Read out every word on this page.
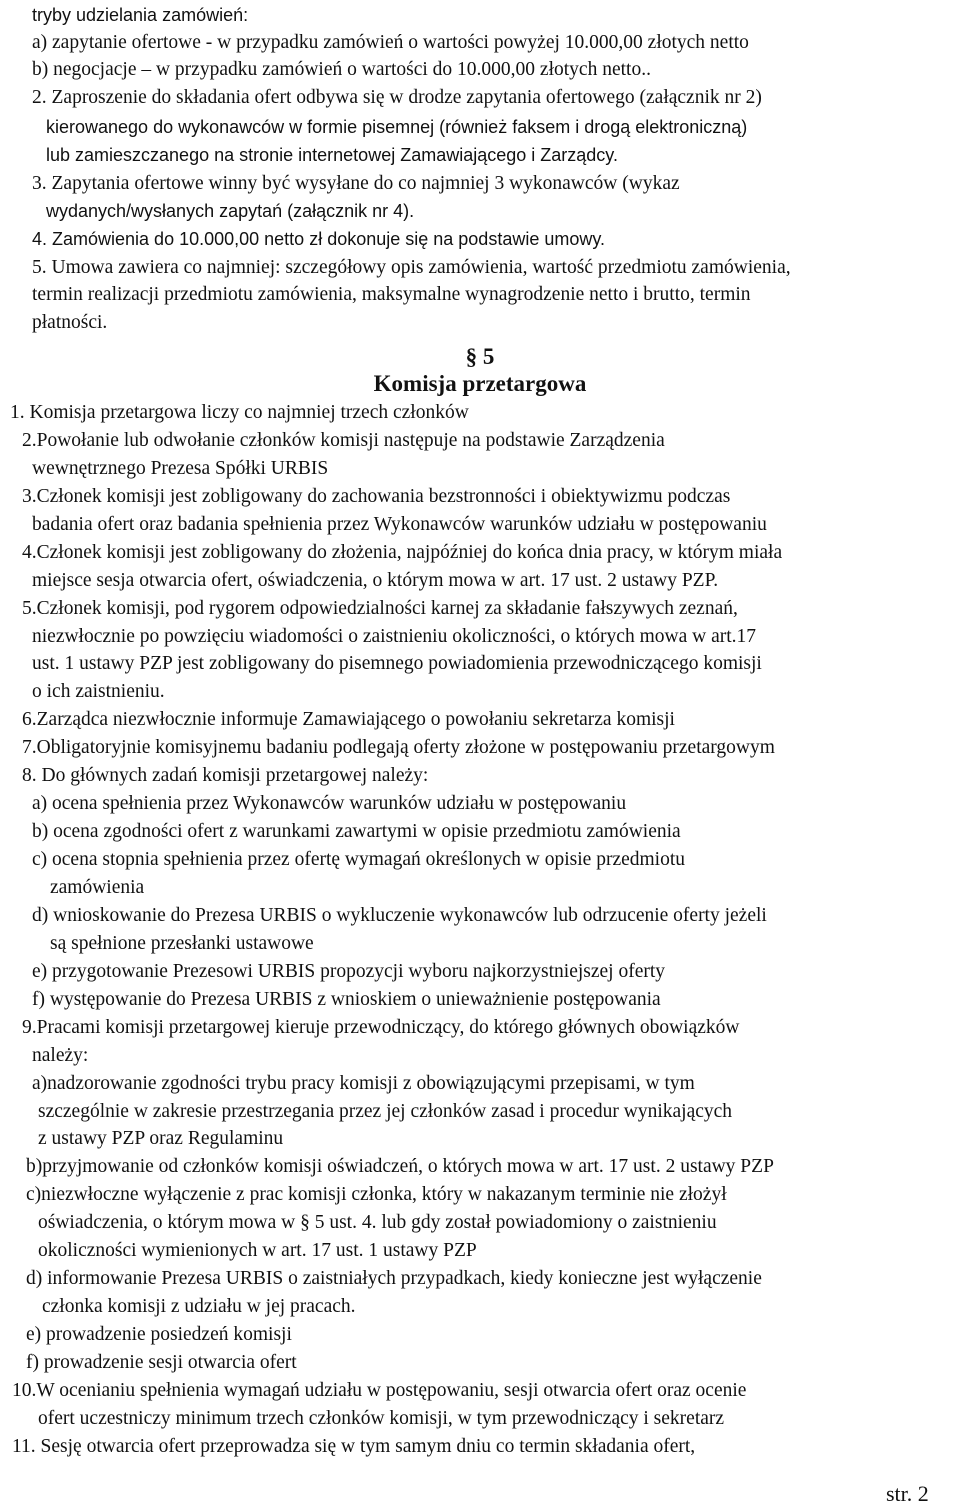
tryby udzielania zamówień:
a) zapytanie ofertowe - w przypadku zamówień o wartości powyżej 10.000,00 złotych netto
b) negocjacje – w przypadku zamówień o wartości do 10.000,00 złotych netto..
2. Zaproszenie do składania ofert odbywa się w drodze zapytania ofertowego (załącznik nr 2)
kierowanego do wykonawców w formie pisemnej (również faksem i drogą elektroniczną)
lub zamieszczanego na stronie internetowej Zamawiającego i Zarządcy.
3. Zapytania ofertowe winny być wysyłane do co najmniej 3 wykonawców (wykaz
wydanych/wysłanych zapytań (załącznik nr 4).
4. Zamówienia do 10.000,00 netto zł dokonuje się na podstawie umowy.
5. Umowa zawiera co najmniej: szczegółowy opis zamówienia, wartość przedmiotu zamówienia,
termin realizacji przedmiotu zamówienia, maksymalne wynagrodzenie netto i brutto, termin
płatności.
§ 5
Komisja przetargowa
1. Komisja przetargowa liczy co najmniej trzech członków
2.Powołanie lub odwołanie członków komisji następuje na podstawie Zarządzenia
wewnętrznego Prezesa Spółki URBIS
3.Członek komisji jest zobligowany do zachowania bezstronności i obiektywizmu podczas
badania ofert oraz badania spełnienia przez Wykonawców warunków udziału w postępowaniu
4.Członek komisji jest zobligowany do złożenia, najpóźniej do końca dnia pracy, w którym miała
miejsce sesja otwarcia ofert, oświadczenia, o którym mowa w art. 17 ust. 2 ustawy PZP.
5.Członek komisji, pod rygorem odpowiedzialności karnej za składanie fałszywych zeznań,
niezwłocznie po powzięciu wiadomości o zaistnieniu okoliczności, o których mowa w art.17
ust. 1 ustawy PZP jest zobligowany do pisemnego powiadomienia przewodniczącego komisji
o ich zaistnieniu.
6.Zarządca niezwłocznie informuje Zamawiającego o powołaniu sekretarza komisji
7.Obligatoryjnie komisyjnemu badaniu podlegają oferty złożone w postępowaniu przetargowym
8. Do głównych zadań komisji przetargowej należy:
a) ocena spełnienia przez Wykonawców warunków udziału w postępowaniu
b) ocena zgodności ofert z warunkami zawartymi w opisie przedmiotu zamówienia
c) ocena stopnia spełnienia przez ofertę wymagań określonych w opisie przedmiotu
zamówienia
d) wnioskowanie do Prezesa URBIS o wykluczenie wykonawców lub odrzucenie oferty jeżeli
są spełnione przesłanki ustawowe
e) przygotowanie Prezesowi URBIS propozycji wyboru najkorzystniejszej oferty
f) występowanie do Prezesa URBIS z wnioskiem o unieważnienie postępowania
9.Pracami komisji przetargowej kieruje przewodniczący, do którego głównych obowiązków
należy:
a)nadzorowanie zgodności trybu pracy komisji z obowiązującymi przepisami, w tym
szczególnie w zakresie przestrzegania przez jej członków zasad i procedur wynikających
z ustawy PZP oraz Regulaminu
b)przyjmowanie od członków komisji oświadczeń, o których mowa w art. 17 ust. 2 ustawy PZP
c)niezwłoczne wyłączenie z prac komisji członka, który w nakazanym terminie nie złożył
oświadczenia, o którym mowa w § 5 ust. 4. lub gdy został powiadomiony o zaistnieniu
okoliczności wymienionych w art. 17 ust. 1 ustawy PZP
d) informowanie Prezesa URBIS o zaistniałych przypadkach, kiedy konieczne jest wyłączenie
członka komisji z udziału w jej pracach.
e) prowadzenie posiedzeń komisji
f) prowadzenie sesji otwarcia ofert
10.W ocenianiu spełnienia wymagań udziału w postępowaniu, sesji otwarcia ofert oraz ocenie
ofert uczestniczy minimum trzech członków komisji, w tym przewodniczący i sekretarz
11. Sesję otwarcia ofert przeprowadza się w tym samym dniu co termin składania ofert,
str. 2
